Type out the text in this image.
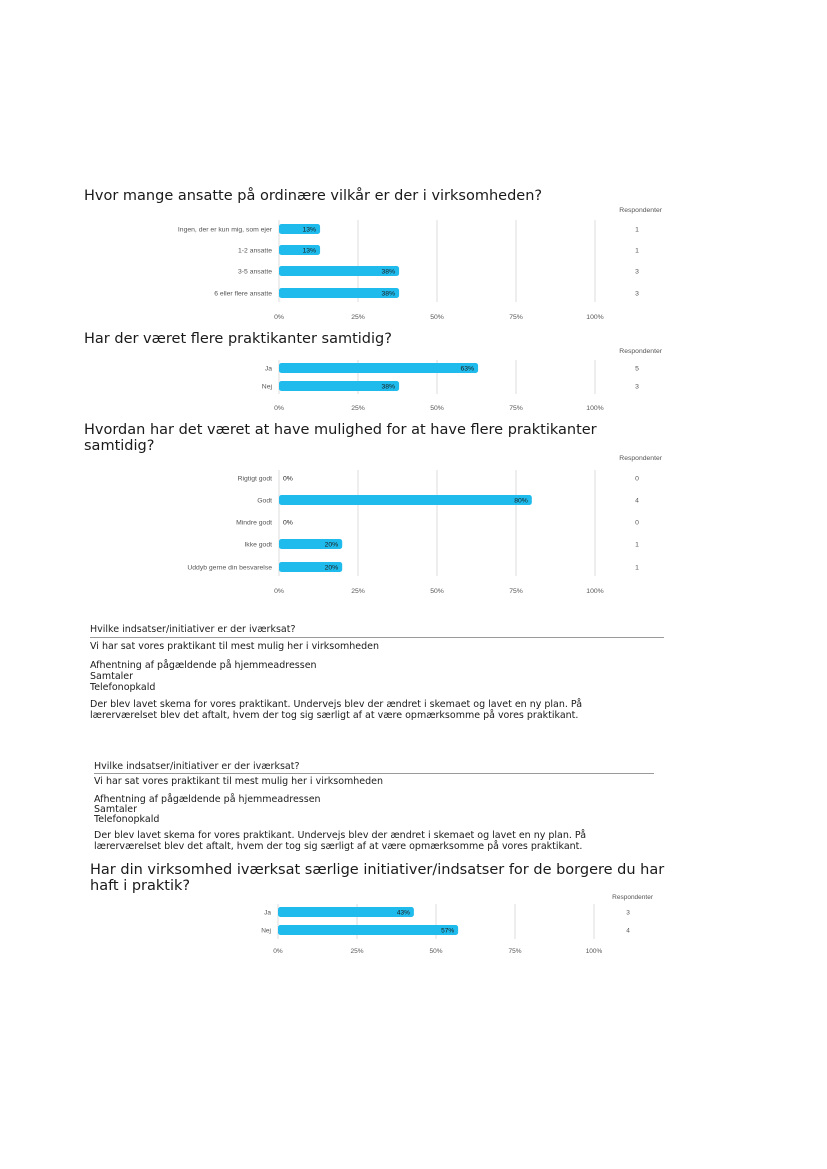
Hvor mange ansatte på ordinære vilkår er der i virksomheden?
Har der været flere praktikanter samtidig?
Hvordan har det været at have mulighed for at have flere praktikanter
samtidig?
Har din virksomhed iværksat særlige initiativer/indsatser for de borgere du har
haft i praktik?
Respondenter
0%	25%	50%	75%	100%
Ingen, der er kun mig, som ejer	13%	1
1-2 ansatte	13%	1
3-5 ansatte	38%	3
6 eller flere ansatte	38%	3
Respondenter
0%	25%	50%	75%	100%
Ja	63%	5
Nej	38%	3
Respondenter
0%	25%	50%	75%	100%
Rigtigt godt 0%	0
Godt	80%	4
Mindre godt 0%	0
Ikke godt	20%	1
Uddyb gerne din besvarelse	20%	1
Respondenter
0%	25%	50%	75%	100%
Ja	43%	3
Nej	57%	4
Hvilke indsatser/initiativer er der iværksat?
Vi har sat vores praktikant til mest mulig her i virksomheden
Afhentning af pågældende på hjemmeadressen
Samtaler
Telefonopkald
Der blev lavet skema for vores praktikant. Undervejs blev der ændret i skemaet og lavet en ny plan. På
lærerværelset blev det aftalt, hvem der tog sig særligt af at være opmærksomme på vores praktikant.
Hvilke indsatser/initiativer er der iværksat?
Vi har sat vores praktikant til mest mulig her i virksomheden
Afhentning af pågældende på hjemmeadressen
Samtaler
Telefonopkald
Der blev lavet skema for vores praktikant. Undervejs blev der ændret i skemaet og lavet en ny plan. På
lærerværelset blev det aftalt, hvem der tog sig særligt af at være opmærksomme på vores praktikant.
